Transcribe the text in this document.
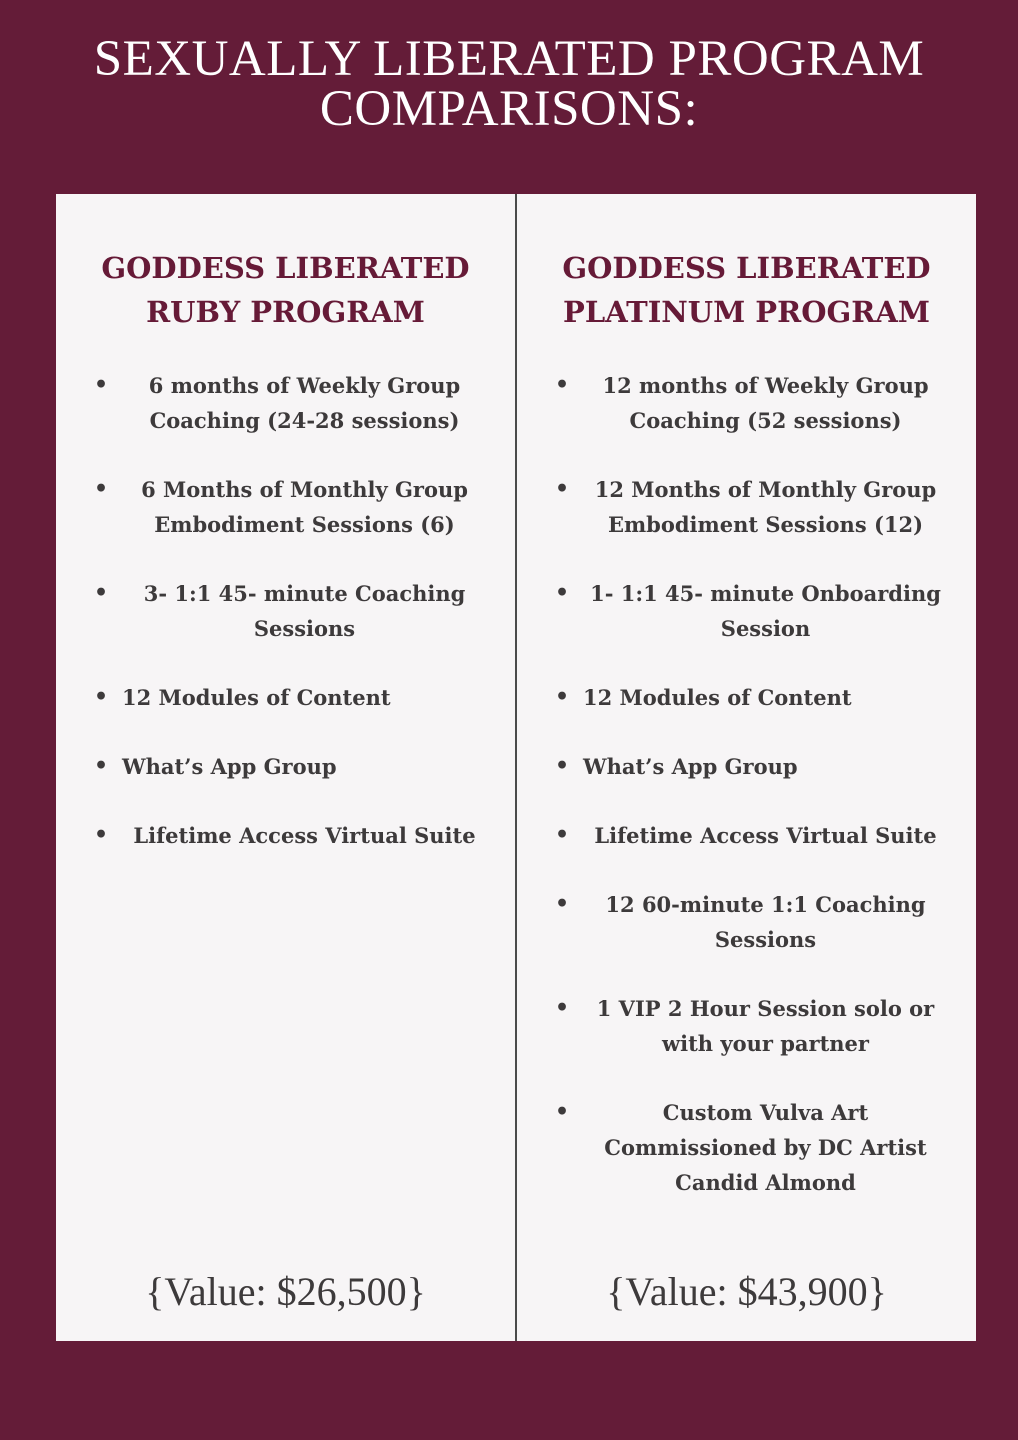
SEXUALLY LIBERATED PROGRAM
COMPARISONS:
GODDESS LIBERATED
RUBY PROGRAM
•	6 months of Weekly Group
Coaching (24-28 sessions)
•	6 Months of Monthly Group
Embodiment Sessions (6)
•	3- 1:1 45- minute Coaching
Sessions
• 12 Modules of Content
• What’s App Group
•	Lifetime Access Virtual Suite
{Value: $26,500}
GODDESS LIBERATED
PLATINUM PROGRAM
•	12 months of Weekly Group
Coaching (52 sessions)
•	12 Months of Monthly Group
Embodiment Sessions (12)
•	1- 1:1 45- minute Onboarding
Session
• 12 Modules of Content
• What’s App Group
•	Lifetime Access Virtual Suite
•	12 60-minute 1:1 Coaching
Sessions
•	1 VIP 2 Hour Session solo or
with your partner
•	Custom Vulva Art
Commissioned by DC Artist
Candid Almond
{Value: $43,900}
